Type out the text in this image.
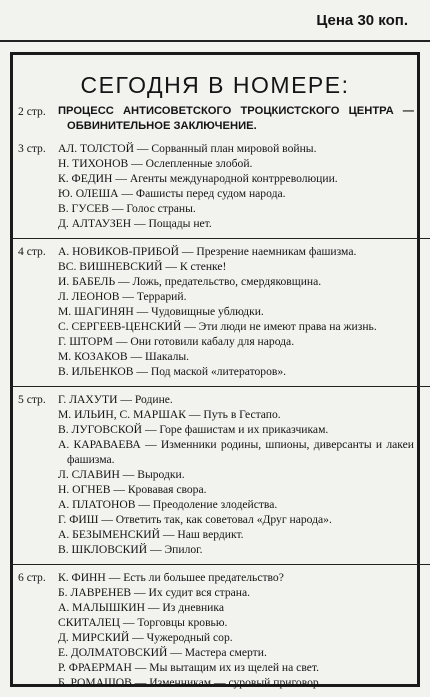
Цена 30 коп.
СЕГОДНЯ В НОМЕРЕ:
2 стр.	ПРОЦЕСС АНТИСОВЕТСКОГО ТРОЦКИСТСКОГО ЦЕНТРА — ОБВИНИТЕЛЬНОЕ ЗАКЛЮЧЕНИЕ.
3 стр.	АЛ. ТОЛСТОЙ — Сорванный план мировой войны.
Н. ТИХОНОВ — Ослепленные злобой.
К. ФЕДИН — Агенты международной контрреволюции.
Ю. ОЛЕША — Фашисты перед судом народа.
В. ГУСЕВ — Голос страны.
Д. АЛТАУЗЕН — Пощады нет.
4 стр.	А. НОВИКОВ-ПРИБОЙ — Презрение наемникам фашизма.
ВС. ВИШНЕВСКИЙ — К стенке!
И. БАБЕЛЬ — Ложь, предательство, смердяковщина.
Л. ЛЕОНОВ — Террарий.
М. ШАГИНЯН — Чудовищные ублюдки.
С. СЕРГЕЕВ-ЦЕНСКИЙ — Эти люди не имеют права на жизнь.
Г. ШТОРМ — Они готовили кабалу для народа.
М. КОЗАКОВ — Шакалы.
В. ИЛЬЕНКОВ — Под маской «литераторов».
5 стр.	Г. ЛАХУТИ — Родине.
М. ИЛЬИН, С. МАРШАК — Путь в Гестапо.
В. ЛУГОВСКОЙ — Горе фашистам и их приказчикам.
А. КАРАВАЕВА — Изменники родины, шпионы, диверсанты и лакеи фашизма.
Л. СЛАВИН — Выродки.
Н. ОГНЕВ — Кровавая свора.
А. ПЛАТОНОВ — Преодоление злодейства.
Г. ФИШ — Ответить так, как советовал «Друг народа».
А. БЕЗЫМЕНСКИЙ — Наш вердикт.
В. ШКЛОВСКИЙ — Эпилог.
6 стр.	К. ФИНН — Есть ли большее предательство?
Б. ЛАВРЕНЕВ — Их судит вся страна.
А. МАЛЫШКИН — Из дневника
СКИТАЛЕЦ — Торговцы кровью.
Д. МИРСКИЙ — Чужеродный сор.
Е. ДОЛМАТОВСКИЙ — Мастера смерти.
Р. ФРАЕРМАН — Мы вытащим их из щелей на свет.
Б. РОМАШОВ — Изменникам — суровый приговор.
